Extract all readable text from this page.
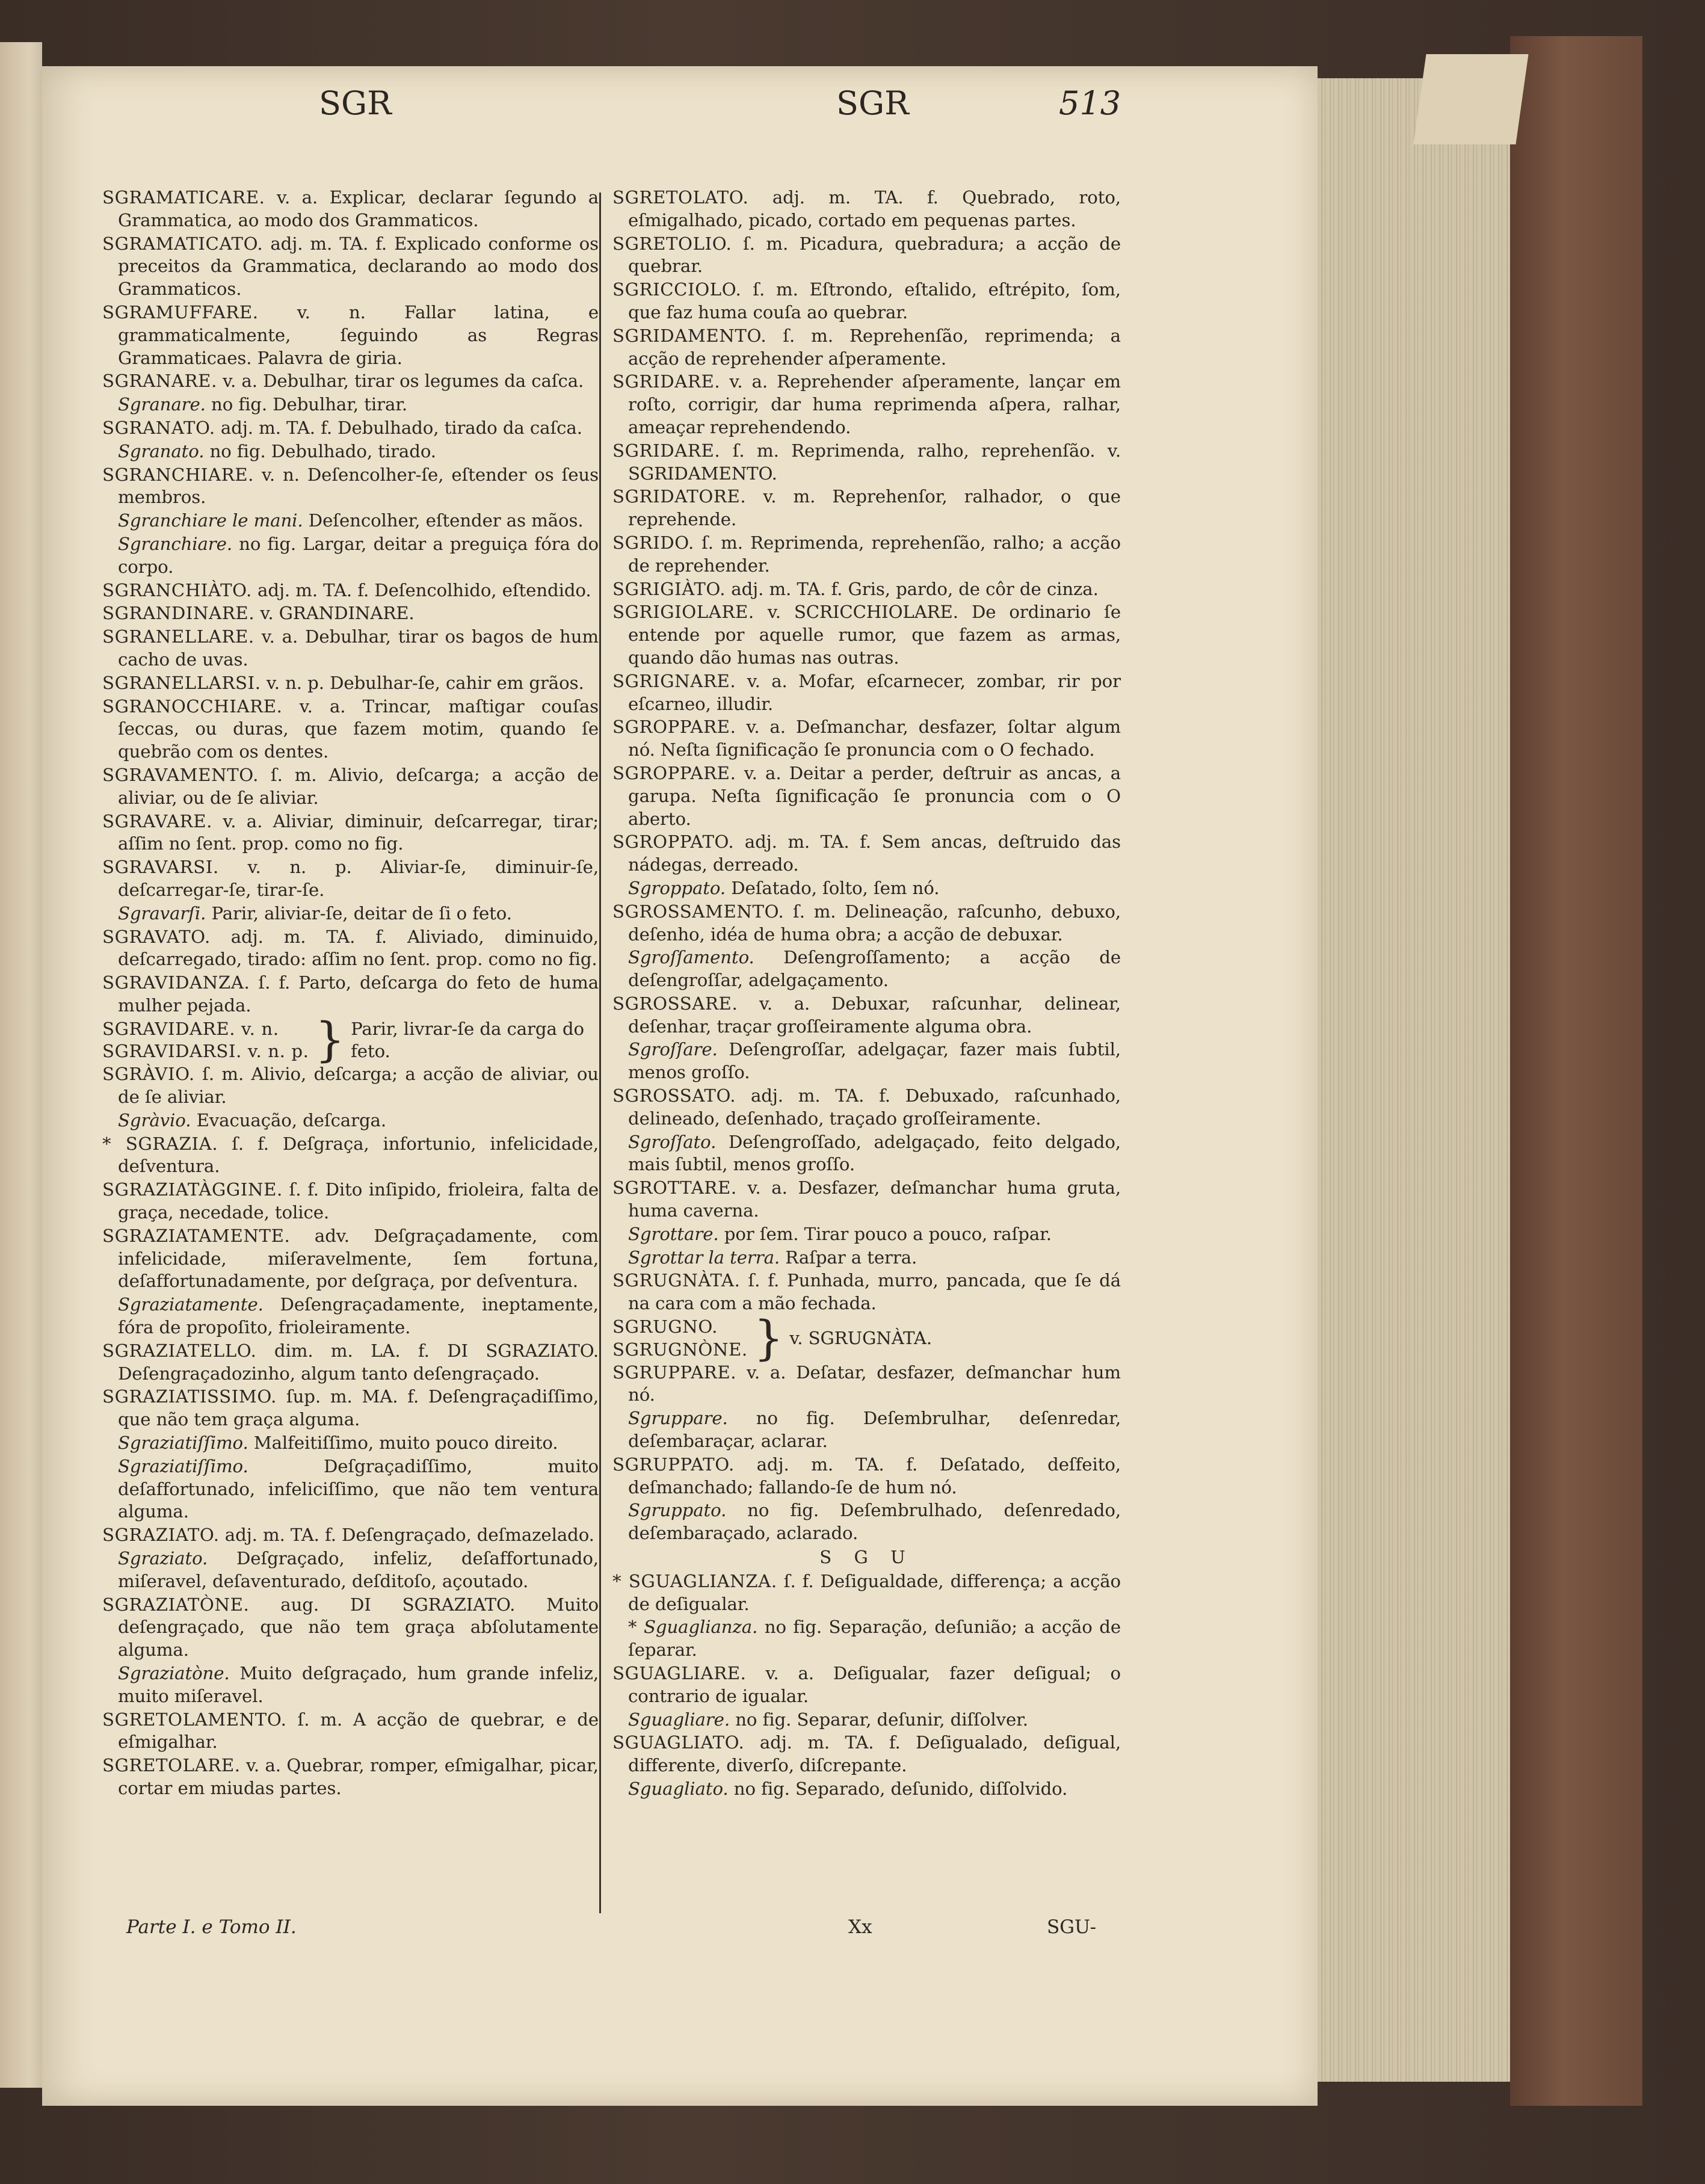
SGR	SGR	513
SGRAMATICARE. v. a. Explicar, declarar ſegundo a Grammatica, ao modo dos Grammaticos.
SGRAMATICATO. adj. m. TA. f. Explicado conforme os preceitos da Grammatica, declarando ao modo dos Grammaticos.
SGRAMUFFARE. v. n. Fallar latina, e grammaticalmente, ſeguindo as Regras Grammaticaes. Palavra de giria.
SGRANARE. v. a. Debulhar, tirar os legumes da caſca.
Sgranare. no fig. Debulhar, tirar.
SGRANATO. adj. m. TA. f. Debulhado, tirado da caſca.
Sgranato. no fig. Debulhado, tirado.
SGRANCHIARE. v. n. Deſencolher-ſe, eſtender os ſeus membros.
Sgranchiare le mani. Deſencolher, eſtender as mãos.
Sgranchiare. no fig. Largar, deitar a preguiça fóra do corpo.
SGRANCHIÀTO. adj. m. TA. f. Deſencolhido, eſtendido.
SGRANDINARE. v. GRANDINARE.
SGRANELLARE. v. a. Debulhar, tirar os bagos de hum cacho de uvas.
SGRANELLARSI. v. n. p. Debulhar-ſe, cahir em grãos.
SGRANOCCHIARE. v. a. Trincar, maſtigar couſas ſeccas, ou duras, que fazem motim, quando ſe quebrão com os dentes.
SGRAVAMENTO. ſ. m. Alivio, deſcarga; a acção de aliviar, ou de ſe aliviar.
SGRAVARE. v. a. Aliviar, diminuir, deſcarregar, tirar; aſſim no ſent. prop. como no fig.
SGRAVARSI. v. n. p. Aliviar-ſe, diminuir-ſe, deſcarregar-ſe, tirar-ſe.
Sgravarſi. Parir, aliviar-ſe, deitar de ſi o feto.
SGRAVATO. adj. m. TA. f. Aliviado, diminuido, deſcarregado, tirado: aſſim no ſent. prop. como no fig.
SGRAVIDANZA. ſ. f. Parto, deſcarga do feto de huma mulher pejada.
SGRAVIDARE. v. n.
SGRAVIDARSI. v. n. p. } Parir, livrar-ſe da carga do feto.
SGRÀVIO. ſ. m. Alivio, deſcarga; a acção de aliviar, ou de ſe aliviar.
Sgràvio. Evacuação, deſcarga.
* SGRAZIA. ſ. f. Deſgraça, infortunio, infelicidade, deſventura.
SGRAZIATÀGGINE. ſ. f. Dito inſipido, frioleira, falta de graça, necedade, tolice.
SGRAZIATAMENTE. adv. Deſgraçadamente, com infelicidade, miſeravelmente, ſem fortuna, deſaffortunadamente, por deſgraça, por deſventura.
Sgraziatamente. Deſengraçadamente, ineptamente, fóra de propoſito, frioleiramente.
SGRAZIATELLO. dim. m. LA. f. DI SGRAZIATO. Deſengraçadozinho, algum tanto deſengraçado.
SGRAZIATISSIMO. ſup. m. MA. f. Deſengraçadiſſimo, que não tem graça alguma.
Sgraziatiſſimo. Malfeitiſſimo, muito pouco direito.
Sgraziatiſſimo. Deſgraçadiſſimo, muito deſaffortunado, infeliciſſimo, que não tem ventura alguma.
SGRAZIATO. adj. m. TA. f. Deſengraçado, deſmazelado.
Sgraziato. Deſgraçado, infeliz, deſaffortunado, miſeravel, deſaventurado, deſditoſo, açoutado.
SGRAZIATÒNE. aug. DI SGRAZIATO. Muito deſengraçado, que não tem graça abſolutamente alguma.
Sgraziatòne. Muito deſgraçado, hum grande infeliz, muito miſeravel.
SGRETOLAMENTO. ſ. m. A acção de quebrar, e de eſmigalhar.
SGRETOLARE. v. a. Quebrar, romper, eſmigalhar, picar, cortar em miudas partes.
SGRETOLATO. adj. m. TA. f. Quebrado, roto, eſmigalhado, picado, cortado em pequenas partes.
SGRETOLIO. ſ. m. Picadura, quebradura; a acção de quebrar.
SGRICCIOLO. ſ. m. Eſtrondo, eſtalido, eſtrépito, ſom, que faz huma couſa ao quebrar.
SGRIDAMENTO. ſ. m. Reprehenſão, reprimenda; a acção de reprehender aſperamente.
SGRIDARE. v. a. Reprehender aſperamente, lançar em roſto, corrigir, dar huma reprimenda aſpera, ralhar, ameaçar reprehendendo.
SGRIDARE. ſ. m. Reprimenda, ralho, reprehenſão. v. SGRIDAMENTO.
SGRIDATORE. v. m. Reprehenſor, ralhador, o que reprehende.
SGRIDO. ſ. m. Reprimenda, reprehenſão, ralho; a acção de reprehender.
SGRIGIÀTO. adj. m. TA. f. Gris, pardo, de côr de cinza.
SGRIGIOLARE. v. SCRICCHIOLARE. De ordinario ſe entende por aquelle rumor, que fazem as armas, quando dão humas nas outras.
SGRIGNARE. v. a. Mofar, eſcarnecer, zombar, rir por eſcarneo, illudir.
SGROPPARE. v. a. Deſmanchar, desfazer, ſoltar algum nó. Neſta ſignificação ſe pronuncia com o O fechado.
SGROPPARE. v. a. Deitar a perder, deſtruir as ancas, a garupa. Neſta ſignificação ſe pronuncia com o O aberto.
SGROPPATO. adj. m. TA. f. Sem ancas, deſtruido das nádegas, derreado.
Sgroppato. Deſatado, ſolto, ſem nó.
SGROSSAMENTO. ſ. m. Delineação, raſcunho, debuxo, deſenho, idéa de huma obra; a acção de debuxar.
Sgroſſamento. Deſengroſſamento; a acção de deſengroſſar, adelgaçamento.
SGROSSARE. v. a. Debuxar, raſcunhar, delinear, deſenhar, traçar groſſeiramente alguma obra.
Sgroſſare. Deſengroſſar, adelgaçar, fazer mais ſubtil, menos groſſo.
SGROSSATO. adj. m. TA. f. Debuxado, raſcunhado, delineado, deſenhado, traçado groſſeiramente.
Sgroſſato. Deſengroſſado, adelgaçado, feito delgado, mais ſubtil, menos groſſo.
SGROTTARE. v. a. Desfazer, deſmanchar huma gruta, huma caverna.
Sgrottare. por ſem. Tirar pouco a pouco, raſpar.
Sgrottar la terra. Raſpar a terra.
SGRUGNÀTA. ſ. f. Punhada, murro, pancada, que ſe dá na cara com a mão fechada.
SGRUGNO.
SGRUGNÒNE. } v. SGRUGNÀTA.
SGRUPPARE. v. a. Deſatar, desfazer, deſmanchar hum nó.
Sgruppare. no fig. Deſembrulhar, deſenredar, deſembaraçar, aclarar.
SGRUPPATO. adj. m. TA. f. Deſatado, deſfeito, deſmanchado; fallando-ſe de hum nó.
Sgruppato. no fig. Deſembrulhado, deſenredado, deſembaraçado, aclarado.
S G U
* SGUAGLIANZA. ſ. f. Deſigualdade, differença; a acção de deſigualar.
* Sguaglianza. no fig. Separação, deſunião; a acção de ſeparar.
SGUAGLIARE. v. a. Deſigualar, fazer deſigual; o contrario de igualar.
Sguagliare. no fig. Separar, deſunir, diſſolver.
SGUAGLIATO. adj. m. TA. f. Deſigualado, deſigual, differente, diverſo, diſcrepante.
Sguagliato. no fig. Separado, deſunido, diſſolvido.
Parte I. e Tomo II.	Xx	SGU-
